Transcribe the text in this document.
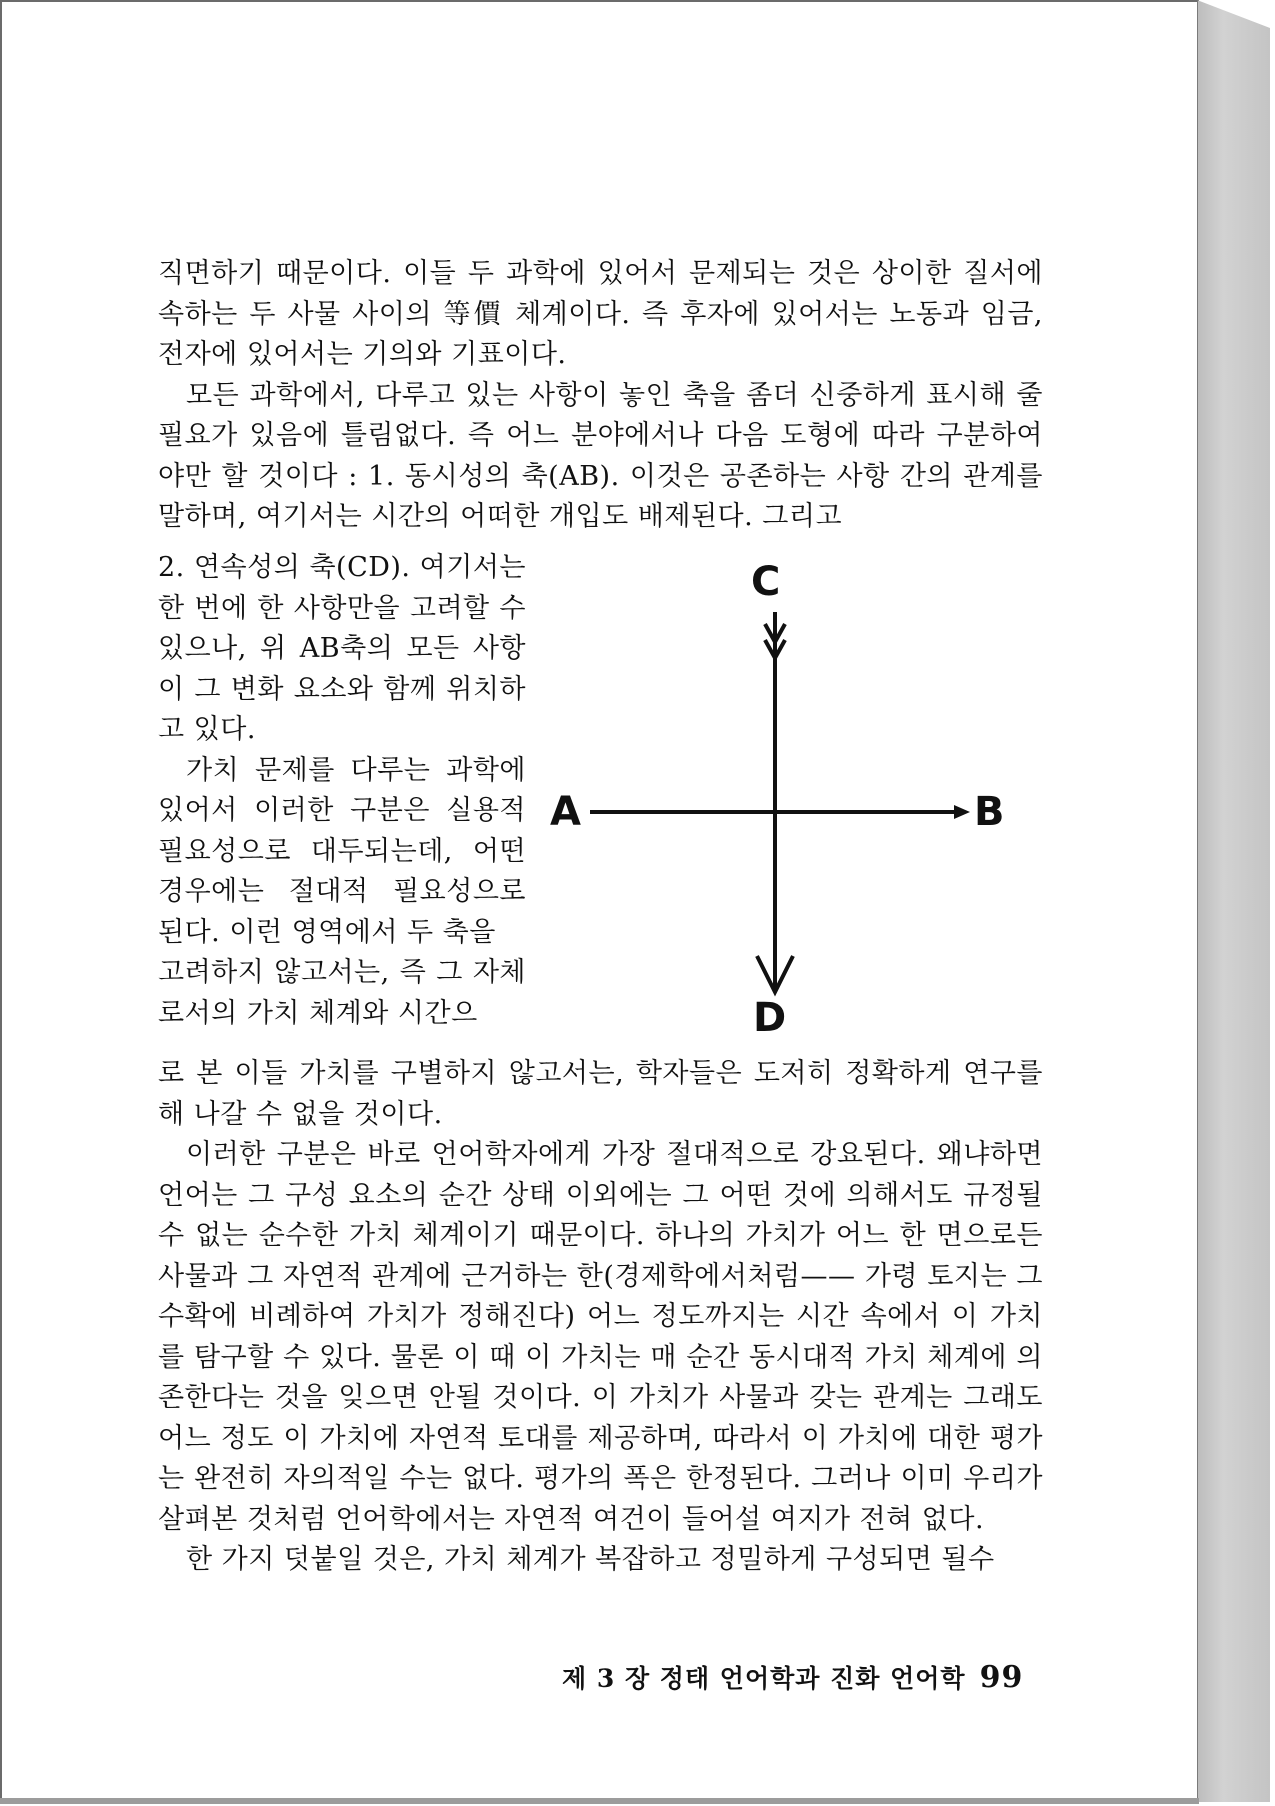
직면하기 때문이다. 이들 두 과학에 있어서 문제되는 것은 상이한 질서에 속하는 두 사물 사이의 等價 체계이다. 즉 후자에 있어서는 노동과 임금, 전자에 있어서는 기의와 기표이다.

모든 과학에서, 다루고 있는 사항이 놓인 축을 좀더 신중하게 표시해 줄 필요가 있음에 틀림없다. 즉 어느 분야에서나 다음 도형에 따라 구분하여야만 할 것이다 : 1. 동시성의 축(AB). 이것은 공존하는 사항 간의 관계를 말하며, 여기서는 시간의 어떠한 개입도 배제된다. 그리고

2. 연속성의 축(CD). 여기서는 한 번에 한 사항만을 고려할 수 있으나, 위 AB축의 모든 사항이 그 변화 요소와 함께 위치하고 있다.

가치 문제를 다루는 과학에 있어서 이러한 구분은 실용적 필요성으로 대두되는데, 어떤 경우에는 절대적 필요성으로 된다. 이런 영역에서 두 축을

고려하지 않고서는, 즉 그 자체로서의 가치 체계와 시간으

C
A	B
D

로 본 이들 가치를 구별하지 않고서는, 학자들은 도저히 정확하게 연구를 해 나갈 수 없을 것이다.

이러한 구분은 바로 언어학자에게 가장 절대적으로 강요된다. 왜냐하면 언어는 그 구성 요소의 순간 상태 이외에는 그 어떤 것에 의해서도 규정될 수 없는 순수한 가치 체계이기 때문이다. 하나의 가치가 어느 한 면으로든 사물과 그 자연적 관계에 근거하는 한(경제학에서처럼—— 가령 토지는 그 수확에 비례하여 가치가 정해진다) 어느 정도까지는 시간 속에서 이 가치를 탐구할 수 있다. 물론 이 때 이 가치는 매 순간 동시대적 가치 체계에 의존한다는 것을 잊으면 안될 것이다. 이 가치가 사물과 갖는 관계는 그래도 어느 정도 이 가치에 자연적 토대를 제공하며, 따라서 이 가치에 대한 평가는 완전히 자의적일 수는 없다. 평가의 폭은 한정된다. 그러나 이미 우리가 살펴본 것처럼 언어학에서는 자연적 여건이 들어설 여지가 전혀 없다.

한 가지 덧붙일 것은, 가치 체계가 복잡하고 정밀하게 구성되면 될수

제 3 장 정태 언어학과 진화 언어학 99
